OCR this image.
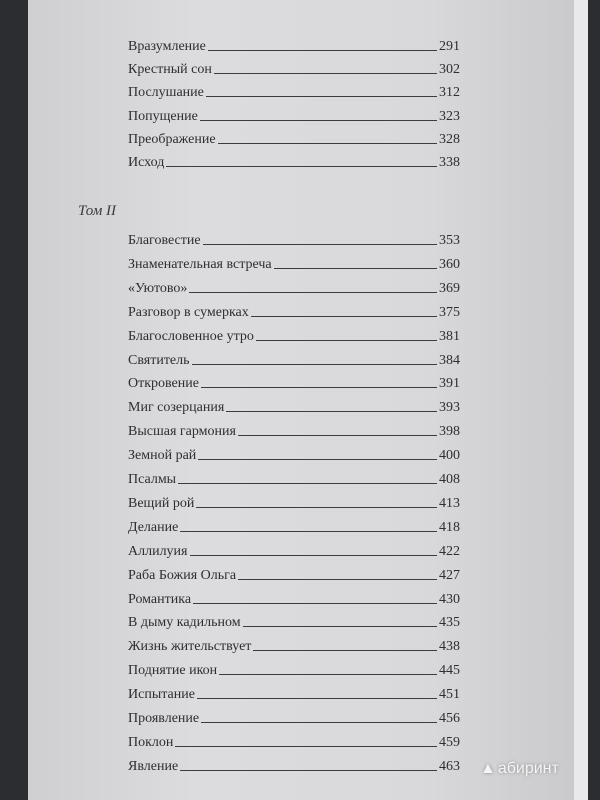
Вразумление	291
Крестный сон	302
Послушание	312
Попущение	323
Преображение	328
Исход	338
Том II
Благовестие	353
Знаменательная встреча	360
«Уютово»	369
Разговор в сумерках	375
Благословенное утро	381
Святитель	384
Откровение	391
Миг созерцания	393
Высшая гармония	398
Земной рай	400
Псалмы	408
Вещий рой	413
Делание	418
Аллилуия	422
Раба Божия Ольга	427
Романтика	430
В дыму кадильном	435
Жизнь жительствует	438
Поднятие икон	445
Испытание	451
Проявление	456
Поклон	459
Явление	463 ▲ абиринт
